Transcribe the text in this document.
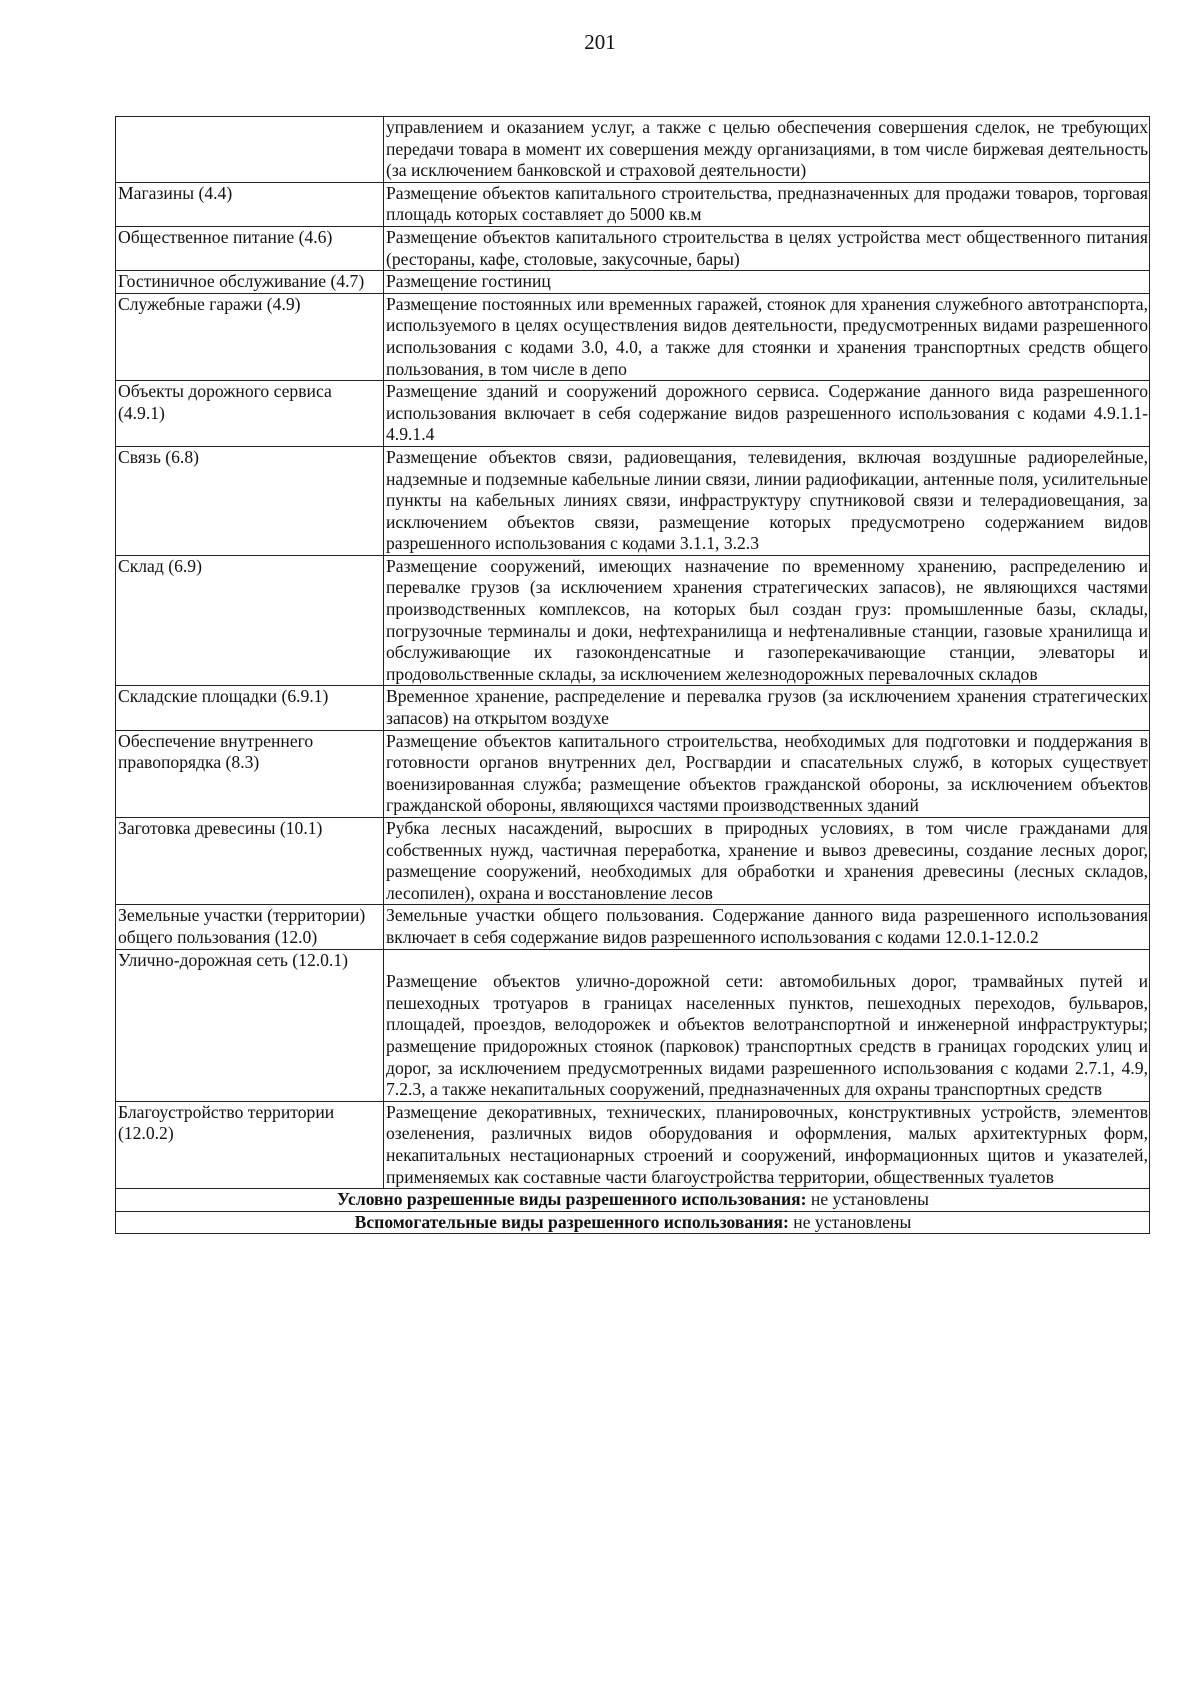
201
	управлением и оказанием услуг, а также с целью обеспечения совершения сделок, не требующих передачи товара в момент их совершения между организациями, в том числе биржевая деятельность (за исключением банковской и страховой деятельности)
Магазины (4.4)	Размещение объектов капитального строительства, предназначенных для продажи товаров, торговая площадь которых составляет до 5000 кв.м
Общественное питание (4.6)	Размещение объектов капитального строительства в целях устройства мест общественного питания (рестораны, кафе, столовые, закусочные, бары)
Гостиничное обслуживание (4.7)	Размещение гостиниц
Служебные гаражи (4.9)	Размещение постоянных или временных гаражей, стоянок для хранения служебного автотранспорта, используемого в целях осуществления видов деятельности, предусмотренных видами разрешенного использования с кодами 3.0, 4.0, а также для стоянки и хранения транспортных средств общего пользования, в том числе в депо
Объекты дорожного сервиса (4.9.1)	Размещение зданий и сооружений дорожного сервиса. Содержание данного вида разрешенного использования включает в себя содержание видов разрешенного использования с кодами 4.9.1.1-4.9.1.4
Связь (6.8)	Размещение объектов связи, радиовещания, телевидения, включая воздушные радиорелейные, надземные и подземные кабельные линии связи, линии радиофикации, антенные поля, усилительные пункты на кабельных линиях связи, инфраструктуру спутниковой связи и телерадиовещания, за исключением объектов связи, размещение которых предусмотрено содержанием видов разрешенного использования с кодами 3.1.1, 3.2.3
Склад (6.9)	Размещение сооружений, имеющих назначение по временному хранению, распределению и перевалке грузов (за исключением хранения стратегических запасов), не являющихся частями производственных комплексов, на которых был создан груз: промышленные базы, склады, погрузочные терминалы и доки, нефтехранилища и нефтеналивные станции, газовые хранилища и обслуживающие их газоконденсатные и газоперекачивающие станции, элеваторы и продовольственные склады, за исключением железнодорожных перевалочных складов
Складские площадки (6.9.1)	Временное хранение, распределение и перевалка грузов (за исключением хранения стратегических запасов) на открытом воздухе
Обеспечение внутреннего правопорядка (8.3)	Размещение объектов капитального строительства, необходимых для подготовки и поддержания в готовности органов внутренних дел, Росгвардии и спасательных служб, в которых существует военизированная служба; размещение объектов гражданской обороны, за исключением объектов гражданской обороны, являющихся частями производственных зданий
Заготовка древесины (10.1)	Рубка лесных насаждений, выросших в природных условиях, в том числе гражданами для собственных нужд, частичная переработка, хранение и вывоз древесины, создание лесных дорог, размещение сооружений, необходимых для обработки и хранения древесины (лесных складов, лесопилен), охрана и восстановление лесов
Земельные участки (территории) общего пользования (12.0)	Земельные участки общего пользования. Содержание данного вида разрешенного использования включает в себя содержание видов разрешенного использования с кодами 12.0.1-12.0.2
Улично-дорожная сеть (12.0.1)	Размещение объектов улично-дорожной сети: автомобильных дорог, трамвайных путей и пешеходных тротуаров в границах населенных пунктов, пешеходных переходов, бульваров, площадей, проездов, велодорожек и объектов велотранспортной и инженерной инфраструктуры; размещение придорожных стоянок (парковок) транспортных средств в границах городских улиц и дорог, за исключением предусмотренных видами разрешенного использования с кодами 2.7.1, 4.9, 7.2.3, а также некапитальных сооружений, предназначенных для охраны транспортных средств
Благоустройство территории (12.0.2)	Размещение декоративных, технических, планировочных, конструктивных устройств, элементов озеленения, различных видов оборудования и оформления, малых архитектурных форм, некапитальных нестационарных строений и сооружений, информационных щитов и указателей, применяемых как составные части благоустройства территории, общественных туалетов
Условно разрешенные виды разрешенного использования: не установлены	
Вспомогательные виды разрешенного использования: не установлены	
